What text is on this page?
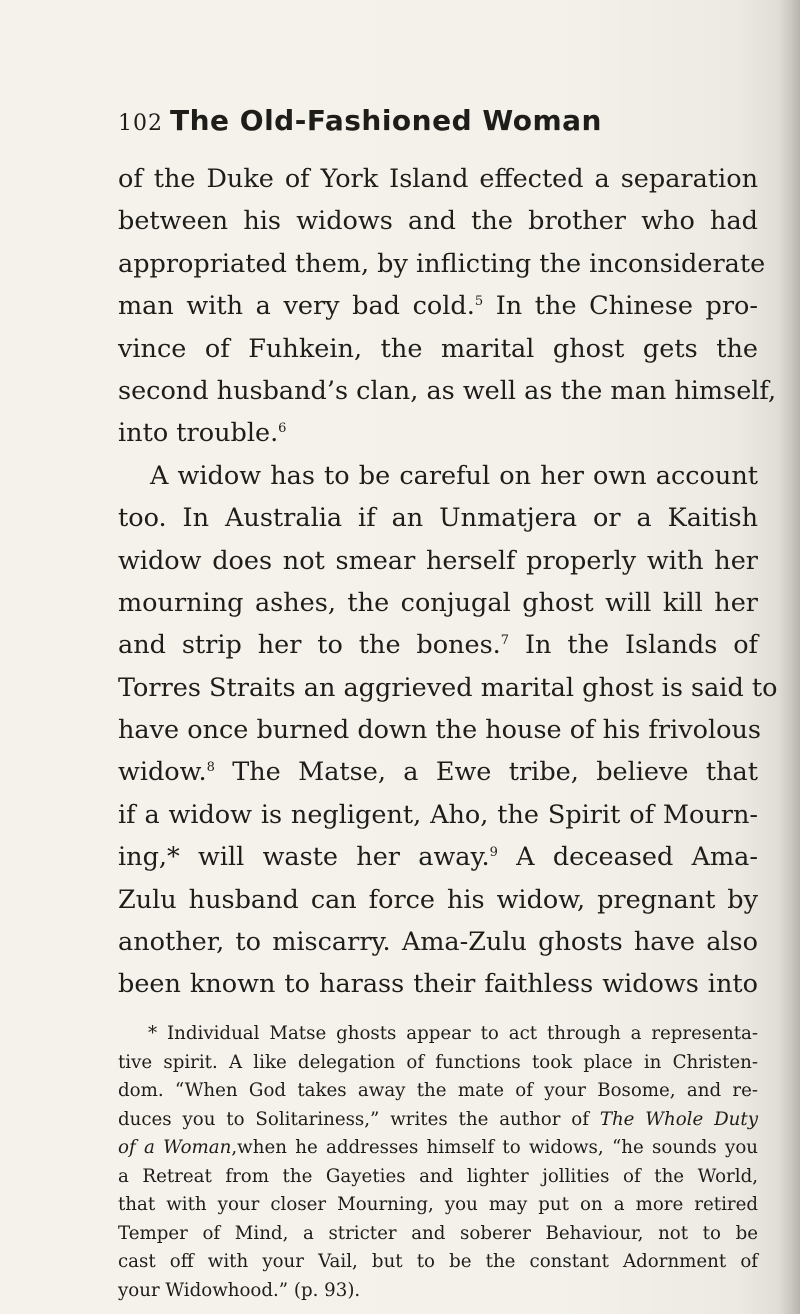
102 The Old-Fashioned Woman
of the Duke of York Island effected a separation
between his widows and the brother who had
appropriated them, by inflicting the inconsiderate
man with a very bad cold.$^5$ In the Chinese pro-
vince of Fuhkein, the marital ghost gets the
second husband’s clan, as well as the man himself,
into trouble.$^6$
A widow has to be careful on her own account
too. In Australia if an Unmatjera or a Kaitish
widow does not smear herself properly with her
mourning ashes, the conjugal ghost will kill her
and strip her to the bones.$^7$ In the Islands of
Torres Straits an aggrieved marital ghost is said to
have once burned down the house of his frivolous
widow.$^8$ The Matse, a Ewe tribe, believe that
if a widow is negligent, Aho, the Spirit of Mourn-
ing,* will waste her away.$^9$ A deceased Ama-
Zulu husband can force his widow, pregnant by
another, to miscarry. Ama-Zulu ghosts have also
been known to harass their faithless widows into
* Individual Matse ghosts appear to act through a representa-
tive spirit. A like delegation of functions took place in Christen-
dom. “When God takes away the mate of your Bosome, and re-
duces you to Solitariness,” writes the author of The Whole Duty
of a Woman,when he addresses himself to widows, “he sounds you
a Retreat from the Gayeties and lighter jollities of the World,
that with your closer Mourning, you may put on a more retired
Temper of Mind, a stricter and soberer Behaviour, not to be
cast off with your Vail, but to be the constant Adornment of
your Widowhood.” (p. 93).
